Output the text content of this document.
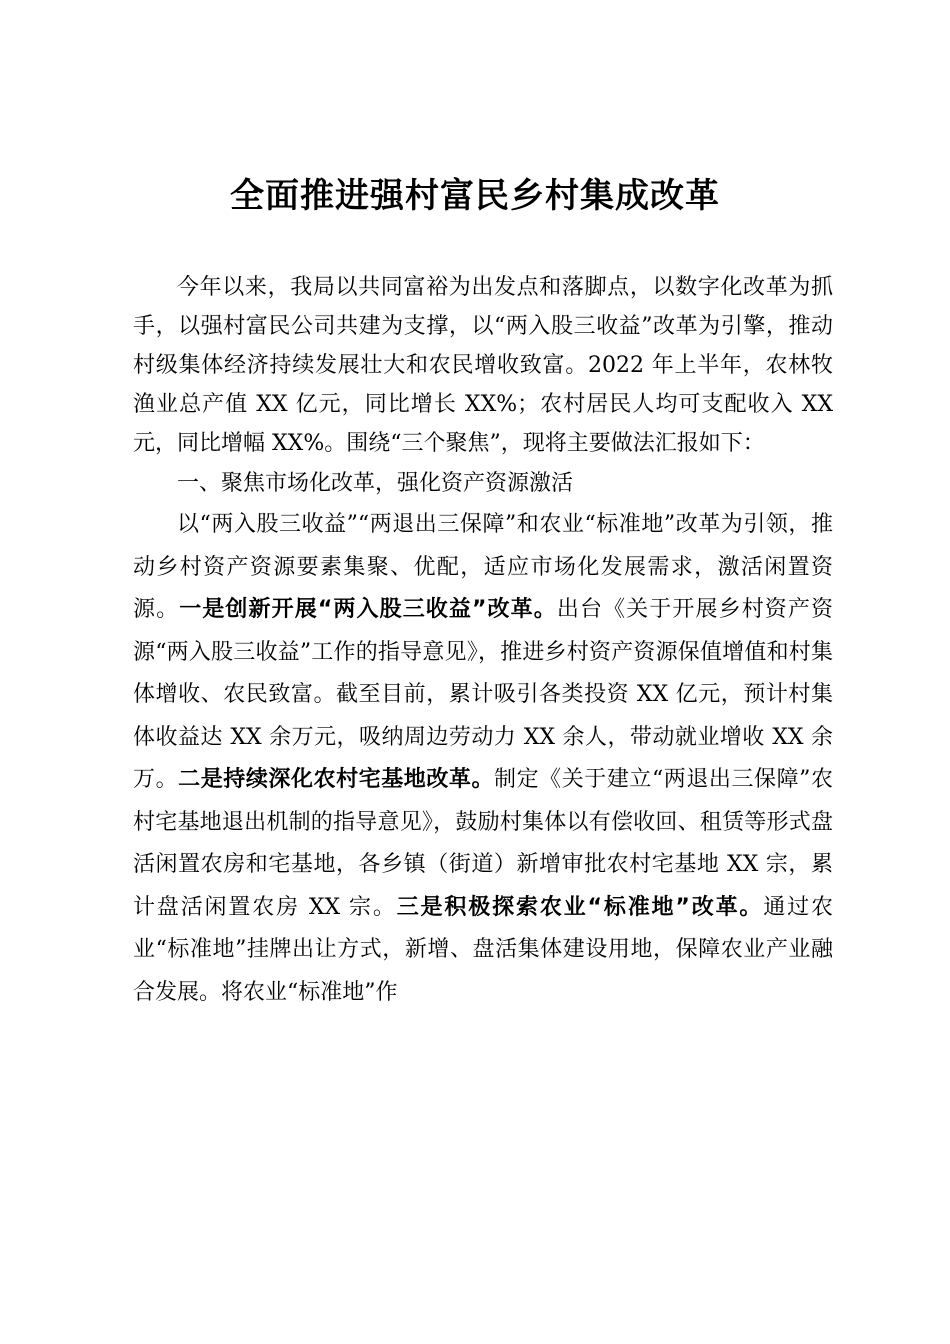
全面推进强村富民乡村集成改革

今年以来，我局以共同富裕为出发点和落脚点，以数字化改革为抓手，以强村富民公司共建为支撑，以“两入股三收益”改革为引擎，推动村级集体经济持续发展壮大和农民增收致富。2022 年上半年，农林牧渔业总产值 XX 亿元，同比增长 XX%；农村居民人均可支配收入 XX 元，同比增幅 XX%。围绕“三个聚焦”，现将主要做法汇报如下：

一、聚焦市场化改革，强化资产资源激活

以“两入股三收益”“两退出三保障”和农业“标准地”改革为引领，推动乡村资产资源要素集聚、优配，适应市场化发展需求，激活闲置资源。一是创新开展“两入股三收益”改革。出台《关于开展乡村资产资源“两入股三收益”工作的指导意见》，推进乡村资产资源保值增值和村集体增收、农民致富。截至目前，累计吸引各类投资 XX 亿元，预计村集体收益达 XX 余万元，吸纳周边劳动力 XX 余人，带动就业增收 XX 余万。二是持续深化农村宅基地改革。制定《关于建立“两退出三保障”农村宅基地退出机制的指导意见》，鼓励村集体以有偿收回、租赁等形式盘活闲置农房和宅基地，各乡镇（街道）新增审批农村宅基地 XX 宗，累计盘活闲置农房 XX 宗。三是积极探索农业“标准地”改革。通过农业“标准地”挂牌出让方式，新增、盘活集体建设用地，保障农业产业融合发展。将农业“标准地”作
